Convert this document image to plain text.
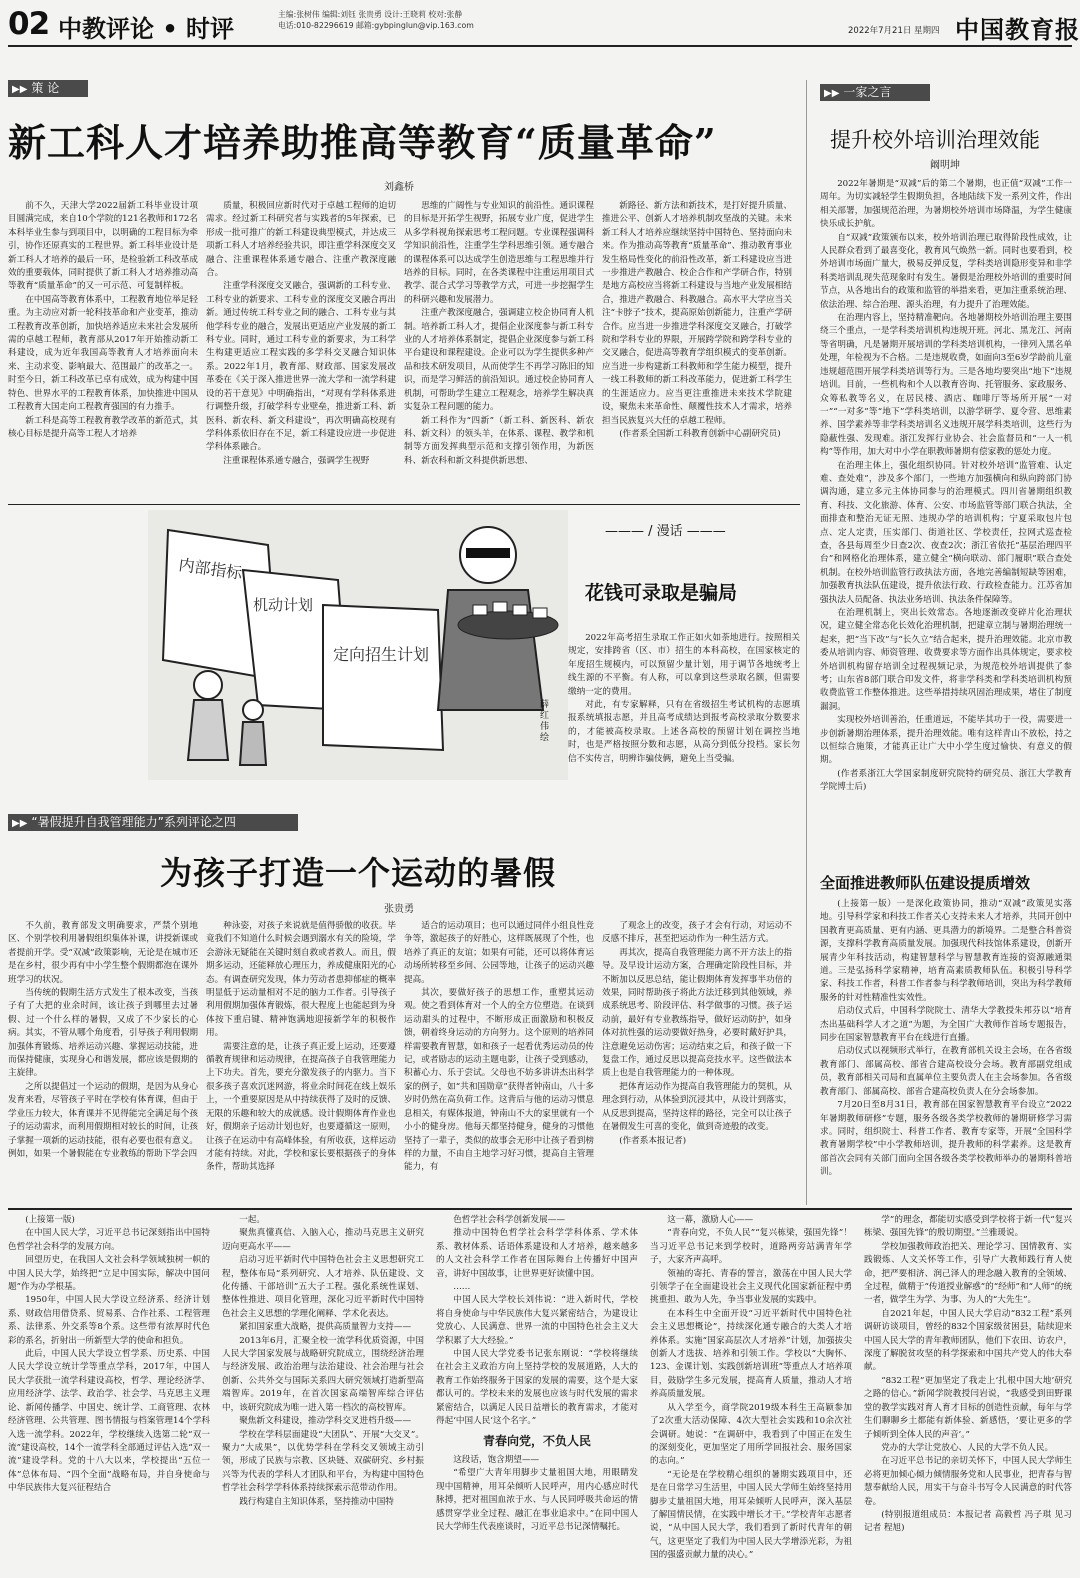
02 中教评论 • 时评
主编:张树伟 编辑:刘钰 张贵勇 设计:王晓莉 校对:张静
电话:010-82296619 邮箱:gybpinglun@vip.163.com
2022年7月21日 星期四 中国教育报
▶▶ 策 论
新工科人才培养助推高等教育“质量革命”
刘鑫桥

前不久，天津大学2022届新工科毕业设计项目圆满完成，来自10个学院的121名教师和172名本科毕业生参与到项目中，以明确的工程目标为牵引，协作还原真实的工程世界。新工科毕业设计是新工科人才培养的最后一环，是检验新工科改革成效的重要载体，同时提供了新工科人才培养推动高等教育“质量革命”的又一可示范、可复制样板。

在中国高等教育体系中，工程教育地位举足轻重。为主动应对新一轮科技革命和产业变革，推动工程教育改革创新，加快培养适应未来社会发展所需的卓越工程师，教育部从2017年开始推动新工科建设，成为近年我国高等教育人才培养面向未来、主动求变、影响最大、范围最广的改革之一。时至今日，新工科改革已卓有成效，成为构建中国特色、世界水平的工程教育体系，加快推进中国从工程教育大国走向工程教育强国的有力推手。

新工科是高等工程教育教学改革的新范式，其核心目标是提升高等工程人才培养

质量，积极回应新时代对于卓越工程师的迫切需求。经过新工科研究者与实践者的5年探索，已形成一批可推广的新工科建设典型模式，并达成三项新工科人才培养经验共识，即注重学科深度交叉融合、注重课程体系通专融合、注重产教深度融合。

注重学科深度交叉融合，强调新的工科专业、工科专业的新要求、工科专业的深度交叉融合再出新。通过传统工科专业之间的融合、工科专业与其他学科专业的融合，发展出更适应产业发展的新工科专业。同时，通过工科专业的新要求，为工科学生构建更适应工程实践的多学科交叉融合知识体系。2022年1月，教育部、财政部、国家发展改革委在《关于深入推进世界一流大学和一流学科建设的若干意见》中明确指出，“对现有学科体系进行调整升级，打破学科专业壁垒，推进新工科、新医科、新农科、新文科建设”，再次明确高校现有学科体系依旧存在不足，新工科建设应进一步促进学科体系融合。

注重课程体系通专融合，强调学生视野

思维的广阔性与专业知识的前沿性。通识课程的目标是开拓学生视野，拓展专业广度，促进学生从多学科视角探索思考工程问题。专业课程强调科学知识前沿性，注重学生学科思维引领。通专融合的课程体系可以达成学生创造思维与工程思维并行培养的目标。同时，在各类课程中注重运用项目式教学、混合式学习等教学方式，可进一步挖掘学生的科研兴趣和发展潜力。

注重产教深度融合，强调建立校企协同育人机制。培养新工科人才，提倡企业深度参与新工科专业的人才培养体系制定，提倡企业深度参与新工科平台建设和课程建设。企业可以为学生提供多种产品和技术研发项目，从而使学生不再学习陈旧的知识，而是学习鲜活的前沿知识。通过校企协同育人机制，可帮助学生建立工程观念，培养学生解决真实复杂工程问题的能力。

新工科作为“四新”（新工科、新医科、新农科、新文科）的领头羊，在体系、课程、教学和机制等方面发挥典型示范和支撑引领作用，为新医科、新农科和新文科提供新思想、

新路径、新方法和新技术，是打好提升质量、推进公平、创新人才培养机制攻坚战的关键。未来新工科人才培养应继续坚持中国特色、坚持面向未来。作为推动高等教育“质量革命”、推动教育事业发生格局性变化的前沿性改革，新工科建设应当进一步推进产教融合、校企合作和产学研合作，特别是地方高校应当将新工科建设与当地产业发展相结合，推进产教融合、科教融合。高水平大学应当关注“卡脖子”技术，提高原始创新能力，注重产学研合作。应当进一步推进学科深度交叉融合，打破学院和学科专业的界限，开展跨学院和跨学科专业的交叉融合，促进高等教育学组织模式的变革创新。应当进一步构建新工科教师和学生能力模型，提升一线工科教师的新工科改革能力，促进新工科学生的生涯适应力。应当更注重推进未来技术学院建设，聚焦未来革命性、颠覆性技术人才需求，培养担当民族复兴大任的卓越工程师。

(作者系全国新工科教育创新中心副研究员)

▶▶ 一家之言
提升校外培训治理效能
阚明坤

2022年暑期是“双减”后的第二个暑期，也正值“双减”工作一周年。为切实减轻学生假期负担，各地陆续下发一系列文件，作出相关部署，加强规范治理，为暑期校外培训市场降温，为学生健康快乐成长护航。

自“双减”政策颁布以来，校外培训治理已取得阶段性成效，让人民群众看到了最喜变化，教育风气焕然一新。同时也要看到，校外培训市场面广量大，极易反弹反复，学科类培训隐形变异和非学科类培训乱现失范现象时有发生。暑假是治理校外培训的重要时间节点，从各地出台的政策和监管的举措来看，更加注重系统治理、依法治理、综合治理、源头治理，有力提升了治理效能。

在治理内容上，坚持精准靶向。各地暑期校外培训治理主要围绕三个重点，一是学科类培训机构违规开班。河北、黑龙江、河南等省明确，凡是暑期开展培训的学科类培训机构，一律列入黑名单处理，年检视为不合格。二是违规收费，如面向3至6岁学龄前儿童违规超范围开展学科类培训等行为。三是各地均要突出“地下”违规培训。目前，一些机构和个人以教育咨询、托管服务、家政服务、众筹私教等名义，在居民楼、酒店、咖啡厅等场所开展“一对一”“一对多”等“地下”学科类培训，以游学研学、夏令营、思维素养、国学素养等非学科类培训名义违规开展学科类培训，这些行为隐蔽性强、发现难。浙江发挥行业协会、社会监督员和“一人一机构”等作用，加大对中小学在职教师暑期有偿家教的惩处力度。

在治理主体上，强化组织协同。针对校外培训“监管难、认定难、查处难”，涉及多个部门，一些地方加强横向和纵向跨部门协调沟通，建立多元主体协同参与的治理模式。四川省暑期组织教育、科技、文化旅游、体育、公安、市场监管等部门联合执法，全面排查和整治无证无照、违规办学的培训机构；宁夏采取包片包点、定人定责，压实部门、街道社区、学校责任，拉网式巡查检查，各县每周至少日查2次、夜查2次；浙江省依托“基层治理四平台”和网格化治理体系，建立健全“横向联动、部门履职”联合查处机制。在校外培训监管行政执法方面，各地完善编制短缺等困难，加强教育执法队伍建设，提升依法行政、行政检查能力。江苏省加强执法人员配备、执法业务培训、执法条件保障等。

在治理机制上，突出长效常态。各地逐渐改变碎片化治理状况，建立健全常态化长效化治理机制，把建章立制与暑期治理统一起来，把“当下改”与“长久立”结合起来，提升治理效能。北京市教委从培训内容、师资管理、收费要求等方面作出具体规定，要求校外培训机构留存培训全过程视频记录，为规范校外培训提供了参考；山东省8部门联合印发文件，将非学科类和学科类培训机构预收费监管工作整体推进。这些举措持续巩固治理成果，堵住了制度漏洞。

实现校外培训善治，任重道远，不能毕其功于一役，需要进一步创新暑期治理体系，提升治理效能。唯有这样青山不放松，持之以恒综合施策，才能真正让广大中小学生度过愉快、有意义的假期。

(作者系浙江大学国家制度研究院特约研究员、浙江大学教育学院博士后)

内部指标
机动计划
定向招生计划
薛红伟绘
——— / 漫话 ———
花钱可录取是骗局

2022年高考招生录取工作正如火如荼地进行。按照相关规定，安排跨省（区、市）招生的本科高校，在国家核定的年度招生规模内，可以预留少量计划，用于调节各地统考上线生源的不平衡。有人称，可以拿到这些录取名额，但需要缴纳一定的费用。

对此，有专家解释，只有在省级招生考试机构的志愿填报系统填报志愿，并且高考成绩达到报考高校录取分数要求的，才能被高校录取。上述各高校的预留计划在调控当地时，也是严格按照分数和志愿，从高分到低分投档。家长勿信不实传言，明辨诈骗伎俩，避免上当受骗。

▶▶ “暑假提升自我管理能力”系列评论之四
为孩子打造一个运动的暑假
张贵勇

不久前，教育部发文明确要求，严禁个别地区、个别学校利用暑假组织集体补课，讲授新课或者提前开学。受“双减”政策影响，无论是在城市还是在乡村，很少再有中小学生整个假期都泡在课外班学习的状况。

当传统的假期生活方式发生了根本改变，当孩子有了大把的业余时间，该让孩子到哪里去过暑假、过一个什么样的暑假，又成了不少家长的心病。其实，不管从哪个角度看，引导孩子利用假期加强体育锻炼、培养运动兴趣、掌握运动技能，进而保持健康，实现身心和谐发展，都应该是假期的主旋律。

之所以提倡过一个运动的假期，是因为从身心发育来看，尽管孩子平时在学校有体育课，但由于学业压力较大，体育课并不见得能完全满足每个孩子的运动需求，而利用假期相对较长的时间，让孩子掌握一项新的运动技能，很有必要也很有意义。例如，如果一个暑假能在专业教练的帮助下学会四

种泳姿，对孩子来说就是值得骄傲的收获。毕竟我们不知道什么时候会遇到溺水有关的险境，学会游泳无疑能在关键时刻自救或者救人。而且，假期多运动，还能释放心理压力，养成健康阳光的心态。有调查研究发现，体力劳动者患抑郁症的概率明显低于运动量相对不足的脑力工作者。引导孩子利用假期加强体育锻炼，很大程度上也能起到为身体按下重启键、精神饱满地迎接新学年的积极作用。

需要注意的是，让孩子真正爱上运动，还要遵循教育规律和运动规律，在提高孩子自我管理能力上下功夫。首先，要充分激发孩子的内驱力。当下很多孩子喜欢沉迷网游，将业余时间花在线上娱乐上，一个重要原因是从中持续获得了及时的反馈、无限的乐趣和较大的成就感。设计假期体育作业也好，假期亲子运动计划也好，也要遵循这一原则，让孩子在运动中有高峰体验，有所收获，这样运动才能有持续。对此，学校和家长要根据孩子的身体条件，帮助其选择

适合的运动项目；也可以通过同伴小组良性竞争等，激起孩子的好胜心，这样既展现了个性，也培养了真正的友谊；如果有可能，还可以将体育运动场所转移至乡间、公园等地，让孩子的运动兴趣提高。

其次，要做好孩子的思想工作，重塑其运动观。使之看到体育对一个人的全方位塑造。在谈到运动甜头的过程中，不断形成正面激励和积极反馈，朝着终身运动的方向努力。这个原则的培养同样需要教育智慧，如和孩子一起看优秀运动员的传记，或者励志的运动主题电影，让孩子受到感动，积蓄心力、乐于尝试。父母也不妨多讲讲杰出科学家的例子，如“共和国勋章”获得者钟南山，八十多岁时仍然在高负荷工作。这背后与他的运动习惯息息相关，有媒体报道，钟南山不大的家里就有一个小小的健身房。他每天都坚持健身，健身的习惯他坚持了一辈子，类似的故事会无形中让孩子看到榜样的力量，不由自主地学习好习惯，提高自主管理能力，有

了观念上的改变，孩子才会有行动，对运动不反感不排斥，甚至把运动作为一种生活方式。

再其次，提高自我管理能力离不开方法上的指导。及早设计运动方案，合理确定阶段性目标，并不断加以反思总结，能让假期体育发挥事半功倍的效果，同时帮助孩子将此方法迁移到其他领域，养成系统思考、阶段评估、科学做事的习惯。孩子运动前，最好有专业教练指导，做好运动防护，如身体对抗性强的运动要做好热身，必要时戴好护具，注意避免运动伤害；运动结束之后，和孩子做一下复盘工作，通过反思以提高竞技水平。这些做法本质上也是自我管理能力的一种体现。

把体育运动作为提高自我管理能力的契机，从理念到行动，从体验到沉浸其中，从设计到落实，从反思到提高，坚持这样的路径，完全可以让孩子在暑假发生可喜的变化，做到奇迹般的改变。

(作者系本报记者)

全面推进教师队伍建设提质增效

(上接第一版）一是深化政策协同，推动“双减”政策见实落地。引导科学家和科技工作者关心支持未来人才培养，共同开创中国教育更高质量、更有内涵、更具潜力的新境界。二是整合科普资源，支撑科学教育高质量发展。加强现代科技馆体系建设，创新开展青少年科技活动，构建智慧科学与智慧教育连接的资源融通渠道。三是弘扬科学家精神，培育高素质教师队伍。积极引导科学家、科技工作者，科普工作者参与科学教师培训，突出为科学教师服务的针对性精准性实效性。

启动仪式后，中国科学院院士、清华大学教授朱邦芬以“培育杰出基础科学人才之道”为题，为全国广大教师作首场专题报告，同步在国家智慧教育平台在线进行直播。

启动仪式以视频形式举行，在教育部机关设主会场，在各省级教育部门、部属高校、部省合建高校设分会场。教育部副党组成员，教育部相关司局和直属单位主要负责人在主会场参加。各省级教育部门、部属高校、部省合建高校负责人在分会场参加。

7月20日至8月31日，教育部在国家智慧教育平台设立“2022年暑期教师研修”专题，服务各级各类学校教师的暑期研修学习需求。同时，组织院士、科普工作者、教育专家等，开展“全国科学教育暑期学校”中小学教师培训，提升教师的科学素养。这是教育部首次会同有关部门面向全国各级各类学校教师举办的暑期科普培训。

(上接第一版)

在中国人民大学，习近平总书记深刻指出中国特色哲学社会科学的发展方向。

回望历史，在我国人文社会科学领域独树一帜的中国人民大学，始终把“立足中国实际，解决中国问题”作为办学根基。

1950年，中国人民大学设立经济系、经济计划系、财政信用借贷系、贸易系、合作社系、工程管理系、法律系、外交系等8个系。这些带有浓厚时代色彩的系名，折射出一所新型大学的使命和担负。

此后，中国人民大学设立哲学系、历史系、中国人民大学设立统计学等重点学科，2017年，中国人民大学获批一流学科建设高校，哲学、理论经济学、应用经济学、法学、政治学、社会学、马克思主义理论、新闻传播学、中国史、统计学、工商管理、农林经济管理、公共管理、图书情报与档案管理14个学科入选一流学科。2022年，学校继续入选第二轮“双一流”建设高校，14个一流学科全部通过评估入选“双一流”建设学科。党的十八大以来，学校提出“五位一体”总体布局、“四个全面”战略布局，并自身使命与中华民族伟大复兴征程结合

一起。

聚焦真懂真信、入脑入心，推动马克思主义研究迈向更高水平——

启动习近平新时代中国特色社会主义思想研究工程，整体布局“系列研究、人才培养、队伍建设、文化传播、干部培训”五大子工程。强化系统性谋划、整体性推进、项目化管理，深化习近平新时代中国特色社会主义思想的学理化阐释、学术化表达。

紧扣国家重大战略，提供高质量智力支持——

2013年6月，汇聚全校一流学科优质资源，中国人民大学国家发展与战略研究院成立，围绕经济治理与经济发展、政治治理与法治建设、社会治理与社会创新、公共外交与国际关系四大研究领域打造新型高端智库。2019年，在首次国家高端智库综合评估中，该研究院成为唯一进入第一档次的高校智库。

聚焦新文科建设，推动学科交叉进档升级——

学校在学科层面建设“大团队”、开展“大交叉”。聚力“大成果”，以优势学科在学科交叉领域主动引领，形成了民族与宗教、区块链、双碳研究、乡村振兴等为代表的学科人才团队和平台，为构建中国特色哲学社会科学学科体系持续探索示范带动作用。

践行构建自主知识体系，坚持推动中国特

色哲学社会科学创新发展——

推动中国特色哲学社会科学学科体系、学术体系、教材体系、话语体系建设和人才培养，越来越多的人文社会科学工作者在国际舞台上传播好中国声音，讲好中国故事，让世界更好读懂中国。

……

中国人民大学校长刘伟说：“进入新时代，学校将自身使命与中华民族伟大复兴紧密结合，为建设让党放心、人民满意、世界一流的中国特色社会主义大学积累了大大经验。”

中国人民大学党委书记张东刚说：“学校将继续在社会主义政治方向上坚持学校的发展道路，人大的教育工作始终服务于国家的发展的需要，这个是大家都认可的。学校未来的发展也应该与时代发展的需求紧密结合，以满足人民日益增长的教育需求，才能对得起‘中国人民’这个名字。”

青春向党，不负人民

这段话，饱含期望——

“希望广大青年用脚步丈量祖国大地，用眼睛发现中国精神，用耳朵倾听人民呼声，用内心感应时代脉搏，把对祖国血浓于水、与人民同呼吸共命运的情感贯穿学业全过程、融汇在事业追求中。”在同中国人民大学师生代表座谈时，习近平总书记深情嘱托。

这一幕，激励人心——

“青春向党，不负人民”“复兴栋梁，强国先锋”！当习近平总书记来到学校时，道路两旁站满青年学子，大家齐声高呼。

领袖的寄托、青春的誓言，激荡在中国人民大学引领学子在全面建设社会主义现代化国家新征程中勇挑重担、敢为人先，争当事业发展的实践中。

在本科生中全面开设“习近平新时代中国特色社会主义思想概论”，持续深化通专融合的大类人才培养体系。实施“国家高层次人才培养”计划，加强拔尖创新人才选拔、培养和引领工作。学校以“大胸怀、123、金课计划、实践创新培训班”等重点人才培养项目，鼓励学生多元发展，提高育人质量，推动人才培养高质量发展。

从入学至今，商学院2019级本科生王高颖参加了2次重大活动保障、4次大型社会实践和10余次社会调研。她说：“在调研中，我看到了中国正在发生的深刻变化，更加坚定了用所学回报社会、服务国家的志向。”

“无论是在学校精心组织的暑期实践项目中，还是在日常学习生活里，中国人民大学师生始终坚持用脚步丈量祖国大地，用耳朵倾听人民呼声，深入基层了解国情民情，在实践中增长才干。”学校青年志愿者说，“从中国人民大学，我们看到了新时代青年的朝气，这更坚定了我们为中国人民大学增添光彩，为祖国的强盛贡献力量的决心。”

学”的理念，都能切实感受到学校将于新一代“复兴栋梁、强国先锋”的殷切期望。”兰雅瑗说。

学校加强教师政治把关、理论学习、国情教育、实践锻炼、人文关怀等工作，引导广大教师践行育人使命，把严要相济、润己泽人的理念融入教育的全领域、全过程，做精于“传道授业解惑”的“经师”和“人师”的统一者，做学生为学、为事、为人的“大先生”。

自2021年起，中国人民大学启动“832工程”系列调研访谈项目，曾经的832个国家级贫困县，陆续迎来中国人民大学的青年教师团队，他们下农田、访农户，深度了解脱贫攻坚的科学探索和中国共产党人的伟大奉献。

“832工程”更加坚定了我走上‘扎根中国大地’研究之路的信心。”新闻学院教授闫岩说，“我感受到田野课堂的教学实践对育人育才目标的创造性贡献，每年与学生们聊聊乡土都能有新体验、新感悟，‘要让更多的学子倾听到全体人民的声音’。”

党办的大学让党放心、人民的大学不负人民。

在习近平总书记的亲切关怀下，中国人民大学师生必将更加倾心倾力倾情服务党和人民事业，把青春与智慧奉献给人民，用实干与奋斗书写令人民满意的时代答卷。

(特别报道组成员：本报记者 高毅哲 冯子琪 见习记者 程旭)
